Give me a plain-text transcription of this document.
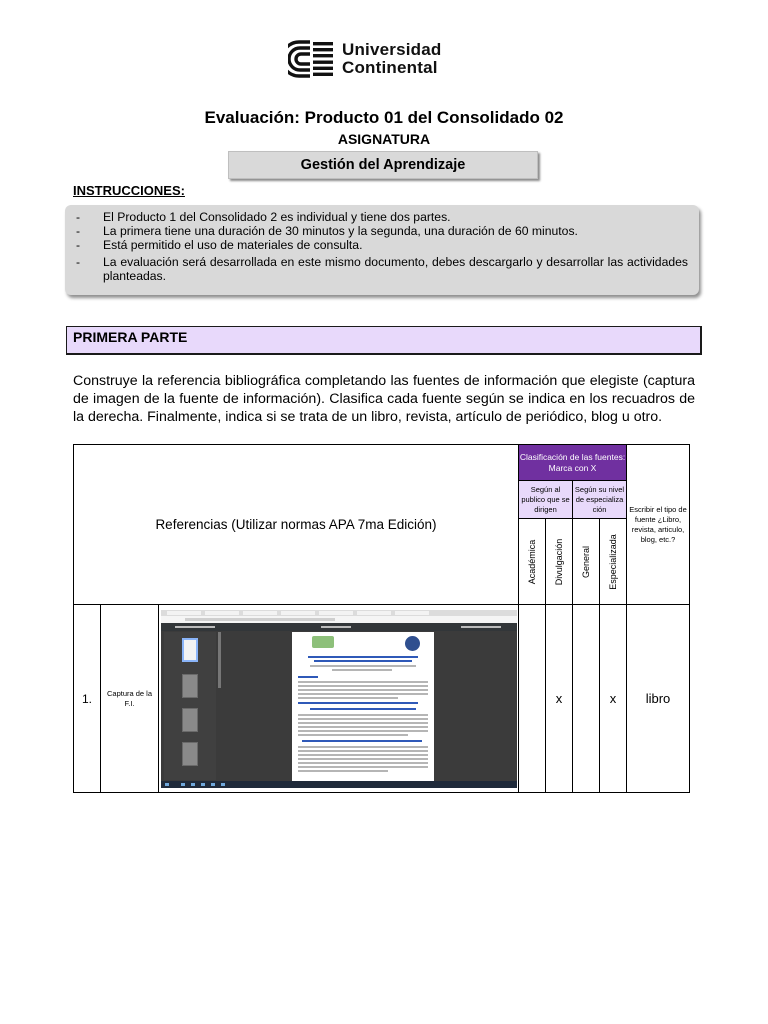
Universidad
Continental
Evaluación: Producto 01 del Consolidado 02
ASIGNATURA
Gestión del Aprendizaje
INSTRUCCIONES:
- El Producto 1 del Consolidado 2 es individual y tiene dos partes.
- La primera tiene una duración de 30 minutos y la segunda, una duración de 60 minutos.
- Está permitido el uso de materiales de consulta.
- La evaluación será desarrollada en este mismo documento, debes descargarlo y desarrollar las actividades planteadas.
PRIMERA PARTE
Construye la referencia bibliográfica completando las fuentes de información que elegiste (captura de imagen de la fuente de información). Clasifica cada fuente según se indica en los recuadros de la derecha. Finalmente, indica si se trata de un libro, revista, artículo de periódico, blog u otro.
Referencias (Utilizar normas APA 7ma Edición)			Clasificación de las fuentes: Marca con X				Escribir el tipo de fuente ¿Libro, revista, articulo, blog, etc.?
			Según al publico que se dirigen		Según su nivel de especializa ción		

			Académica	Divulgación	General	Especializada	

1.	Captura de la F.I.			x		x	libro
